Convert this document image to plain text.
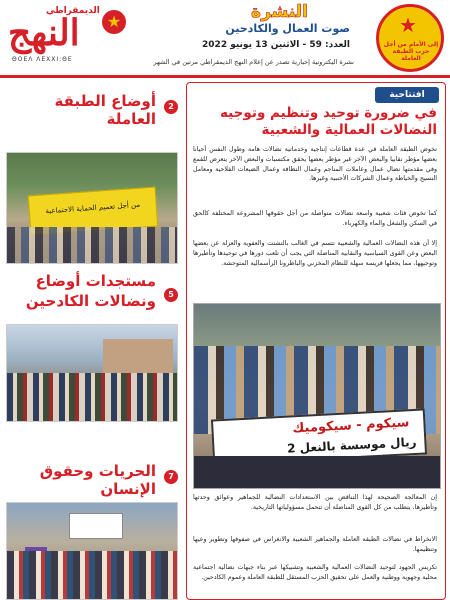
الديمقراطي
النهج
ΘOEΛ ΛΕΧΧΙ:ΘΕ
★	النشرة
صوت العمال والكادحين
العدد: 59 - الاثنين 13 يونيو 2022
نشرة اليكترونية إخبارية تصدر عن إعلام النهج الديمقراطي مرتين في الشهر
★
إلى الأمام من أجل حزب الطبقة العاملة
2
أوضاع الطبقة العاملة
من أجل تعميم الحماية الاجتماعية
5
مستجدات أوضاع ونضالات الكادحين
7
الحريات وحقوق الإنسان
افتتاحية
في ضرورة توحيد وتنظيم وتوجيه النضالات العمالية والشعبية
تخوض الطبقة العاملة في عدة قطاعات إنتاجية وخدماتية نضالات هامة وطول النفس أحيانا بعضها مؤطر نقابيا والبعض الآخر غير مؤطر بعضها يحقق مكتسبات والبعض الآخر يتعرض للقمع وفي مقدمتها نضال عمال وعاملات المناجم وعمال النظافة وعمال الضيعات الفلاحية ومعامل النسيج والخياطة وعمال الشركات الأجنبية وغيرها.
كما تخوض فئات شعبية واسعة نضالات متواصلة من أجل حقوقها المشروعة المختلفة كالحق في السكن والشغل والماء والكهرباء.
إلا أن هذه النضالات العمالية والشعبية تتسم في الغالب بالتشتت والعفوية والعزلة عن بعضها البعض وعن القوى السياسية والنقابية المناضلة التي يجب أن تلعب دورها في توحيدها وتأطيرها وتوجيهها، مما يجعلها فريسة سهلة للنظام المخزني والباطرونا الرأسمالية المتوحشة.
سيكوم - سيكوميك
ريال موسسة بالنعل 2
إن المعالجة الصحيحة لهذا التناقض بين الاستعدادات النضالية للجماهير وعوائق وحدتها وتأطيرها، يتطلب من كل القوى المناضلة أن تتحمل مسؤولياتها التاريخية.
الانخراط في نضالات الطبقة العاملة والجماهير الشعبية والانغراس في صفوفها وتطوير وعيها وتنظيمها.
تكريس الجهود لتوحيد النضالات العمالية والشعبية وتشبيكها عبر بناء جبهات نضالية اجتماعية محلية وجهوية ووطنية والعمل على تحقيق الحزب المستقل للطبقة العاملة وعموم الكادحين.
